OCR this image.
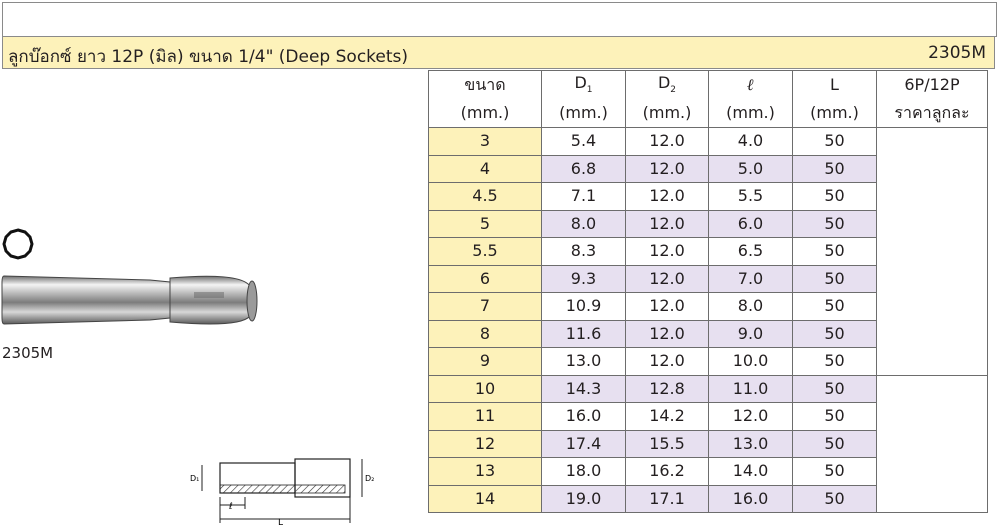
ลูกบ๊อกซ์ ยาว 12P (มิล) ขนาด 1/4" (Deep Sockets)	2305M
2305M
D₁	D₂
ℓ
L
ขนาด	$D_1$	$D_2$	ℓ	L	6P/12P
(mm.)	(mm.)	(mm.)	(mm.)	(mm.)	ราคาลูกละ
3	5.4	12.0	4.0	50	
4	6.8	12.0	5.0	50	
4.5	7.1	12.0	5.5	50	
5	8.0	12.0	6.0	50	
5.5	8.3	12.0	6.5	50	
6	9.3	12.0	7.0	50	
7	10.9	12.0	8.0	50	
8	11.6	12.0	9.0	50	
9	13.0	12.0	10.0	50	
10	14.3	12.8	11.0	50	
11	16.0	14.2	12.0	50	
12	17.4	15.5	13.0	50	
13	18.0	16.2	14.0	50	
14	19.0	17.1	16.0	50	
